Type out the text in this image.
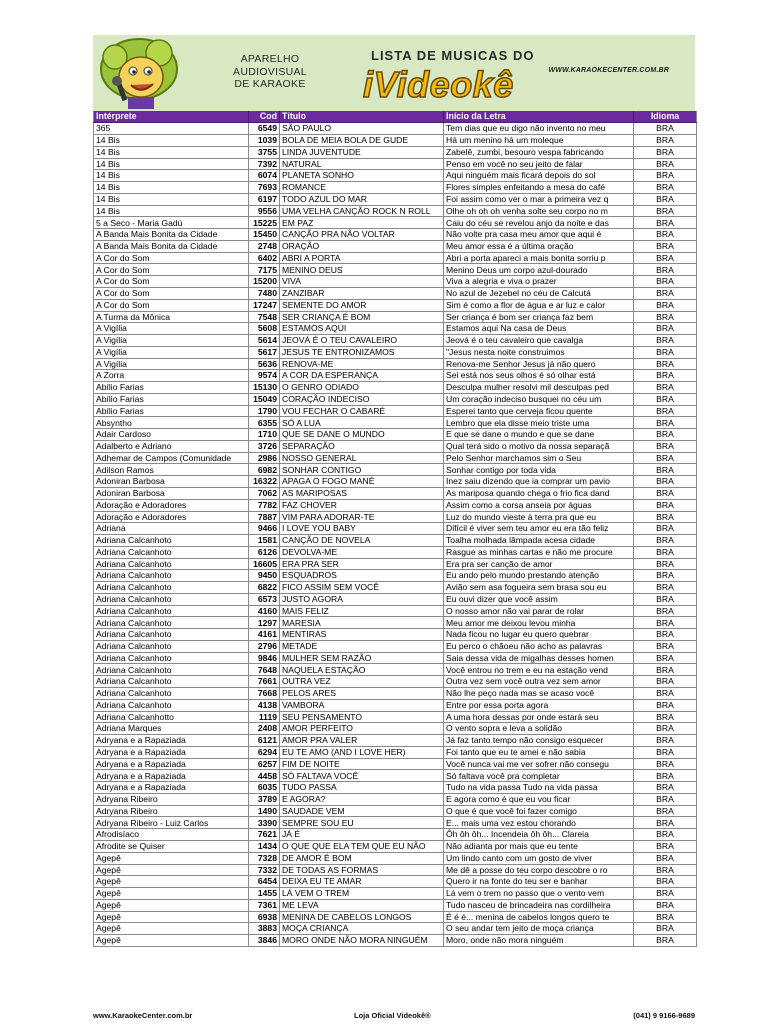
APARELHO
AUDIOVISUAL
DE KARAOKE
LISTA DE MUSICAS DO
iVideokê	WWW.KARAOKECENTER.COM.BR
Intérprete	Cod	Título	Início da Letra	Idioma
365	6549	SÃO PAULO	Tem dias que eu digo não invento no meu	BRA
14 Bis	1039	BOLA DE MEIA BOLA DE GUDE	Há um menino há um moleque	BRA
14 Bis	3755	LINDA JUVENTUDE	Zabelê, zumbi, besouro vespa fabricando	BRA
14 Bis	7392	NATURAL	Penso em você no seu jeito de falar	BRA
14 Bis	6074	PLANETA SONHO	Aqui ninguém mais ficará depois do sol	BRA
14 Bis	7693	ROMANCE	Flores simples enfeitando a mesa do café	BRA
14 Bis	6197	TODO AZUL DO MAR	Foi assim como ver o mar a primeira vez q	BRA
14 Bis	9556	UMA VELHA CANÇÃO ROCK N ROLL	Olhe oh oh oh venha solte seu corpo no m	BRA
5 a Seco - Maria Gadú	15225	EM PAZ	Caiu do céu se revelou anjo da noite e das	BRA
A Banda Mais Bonita da Cidade	15450	CANÇÃO PRA NÃO VOLTAR	Não volte pra casa meu amor que aqui é	BRA
A Banda Mais Bonita da Cidade	2748	ORAÇÃO	Meu amor essa é a última oração	BRA
A Cor do Som	6402	ABRI A PORTA	Abri a porta apareci a mais bonita sorriu p	BRA
A Cor do Som	7175	MENINO DEUS	Menino Deus um corpo azul-dourado	BRA
A Cor do Som	15200	VIVA	Viva a alegria e viva o prazer	BRA
A Cor do Som	7480	ZANZIBAR	No azul de Jezebel no céu de Calcutá	BRA
A Cor do Som	17247	SEMENTE DO AMOR	Sim é como a flor de água e ar luz e calor	BRA
A Turma da Mônica	7548	SER CRIANÇA É BOM	Ser criança é bom ser criança faz bem	BRA
A Vigília	5608	ESTAMOS AQUI	Estamos aqui Na casa de Deus	BRA
A Vigília	5614	JEOVÁ É O TEU CAVALEIRO	Jeová é o teu cavaleiro que cavalga	BRA
A Vigília	5617	JESUS TE ENTRONIZAMOS	"Jesus nesta noite construimos	BRA
A Vigília	5636	RENOVA-ME	Renova-me Senhor Jesus já não quero	BRA
A Zorra	9574	A COR DA ESPERANÇA	Sei está nos seus olhos é só olhar está	BRA
Abílio Farias	15130	O GENRO ODIADO	Desculpa mulher resolvi mil desculpas ped	BRA
Abílio Farias	15049	CORAÇÃO INDECISO	Um coração indeciso busquei no céu um	BRA
Abílio Farias	1790	VOU FECHAR O CABARÉ	Esperei tanto que cerveja ficou quente	BRA
Absyntho	6355	SÓ A LUA	Lembro que ela disse meio triste uma	BRA
Adair Cardoso	1710	QUE SE DANE O MUNDO	E que se dane o mundo e que se dane	BRA
Adalberto e Adriano	3726	SEPARAÇÃO	Qual terá sido o motivo da nossa separaçã	BRA
Adhemar de Campos (Comunidade	2986	NOSSO GENERAL	Pelo Senhor marchamos sim o Seu	BRA
Adilson Ramos	6982	SONHAR CONTIGO	Sonhar contigo por toda vida	BRA
Adoniran Barbosa	16322	APAGA O FOGO MANÉ	Inez saiu dizendo que ia comprar um pavio	BRA
Adoniran Barbosa	7062	AS MARIPOSAS	As mariposa quando chega o frio fica dand	BRA
Adoração e Adoradores	7782	FAZ CHOVER	Assim como a corsa anseia por águas	BRA
Adoração e Adoradores	7887	VIM PARA ADORAR-TE	Luz do mundo vieste à terra pra que eu	BRA
Adriana	9466	I LOVE YOU BABY	Difícil é viver sem teu amor eu era tão feliz	BRA
Adriana Calcanhoto	1581	CANÇÃO DE NOVELA	Toalha molhada lâmpada acesa cidade	BRA
Adriana Calcanhoto	6126	DEVOLVA-ME	Rasgue as minhas cartas e não me procure	BRA
Adriana Calcanhoto	16605	ERA PRA SER	Era pra ser canção de amor	BRA
Adriana Calcanhoto	9450	ESQUADROS	Eu ando pelo mundo prestando atenção	BRA
Adriana Calcanhoto	6822	FICO ASSIM SEM VOCÊ	Avião sem asa fogueira sem brasa sou eu	BRA
Adriana Calcanhoto	6573	JUSTO AGORA	Eu ouvi dizer que você assim	BRA
Adriana Calcanhoto	4160	MAIS FELIZ	O nosso amor não vai parar de rolar	BRA
Adriana Calcanhoto	1297	MARESIA	Meu amor me deixou levou minha	BRA
Adriana Calcanhoto	4161	MENTIRAS	Nada ficou no lugar eu quero quebrar	BRA
Adriana Calcanhoto	2796	METADE	Eu perco o chãoeu não acho as palavras	BRA
Adriana Calcanhoto	9846	MULHER SEM RAZÃO	Saia dessa vida de migalhas desses homen	BRA
Adriana Calcanhoto	7648	NAQUELA ESTAÇÃO	Você entrou no trem e eu na estação vend	BRA
Adriana Calcanhoto	7661	OUTRA VEZ	Outra vez sem você outra vez sem amor	BRA
Adriana Calcanhoto	7668	PELOS ARES	Não lhe peço nada mas se acaso você	BRA
Adriana Calcanhoto	4138	VAMBORA	Entre por essa porta agora	BRA
Adriana Calcanhotto	1119	SEU PENSAMENTO	A uma hora dessas por onde estará seu	BRA
Adriana Marques	2408	AMOR PERFEITO	O vento sopra e leva a solidão	BRA
Adryana e a Rapaziada	6121	AMOR PRA VALER	Já faz tanto tempo não consigo esquecer	BRA
Adryana e a Rapaziada	6294	EU TE AMO (AND I LOVE HER)	Foi tanto que eu te amei e não sabia	BRA
Adryana e a Rapaziada	6257	FIM DE NOITE	Você nunca vai me ver sofrer não consegu	BRA
Adryana e a Rapaziada	4458	SÓ FALTAVA VOCÊ	Só faltava você pra completar	BRA
Adryana e a Rapaziada	6035	TUDO PASSA	Tudo na vida passa Tudo na vida passa	BRA
Adryana Ribeiro	3789	E AGORA?	E agora como é que eu vou ficar	BRA
Adryana Ribeiro	1490	SAUDADE VEM	O que é que você foi fazer comigo	BRA
Adryana Ribeiro - Luiz Carlos	3390	SEMPRE SOU EU	E... mais uma vez estou chorando	BRA
Afrodisíaco	7621	JÁ É	Ôh ôh ôh... Incendeia ôh ôh... Clareia	BRA
Afrodite se Quiser	1434	O QUE QUE ELA TEM QUE EU NÃO	Não adianta por mais que eu tente	BRA
Agepê	7328	DE AMOR É BOM	Um lindo canto com um gosto de viver	BRA
Agepê	7332	DE TODAS AS FORMAS	Me dê a posse do teu corpo descobre o ro	BRA
Agepê	6454	DEIXA EU TE AMAR	Quero ir na fonte do teu ser e banhar	BRA
Agepê	1455	LÁ VEM O TREM	Lá vem o trem no passo que o vento vem	BRA
Agepê	7361	ME LEVA	Tudo nasceu de brincadeira nas cordilheira	BRA
Agepê	6938	MENINA DE CABELOS LONGOS	É é é... menina de cabelos longos quero te	BRA
Agepê	3883	MOÇA CRIANÇA	O seu andar tem jeito de moça criança	BRA
Agepê	3846	MORO ONDE NÃO MORA NINGUÉM	Moro, onde não mora ninguém	BRA
www.KaraokeCenter.com.br	Loja Oficial Videokê®	(041) 9 9166-9689
